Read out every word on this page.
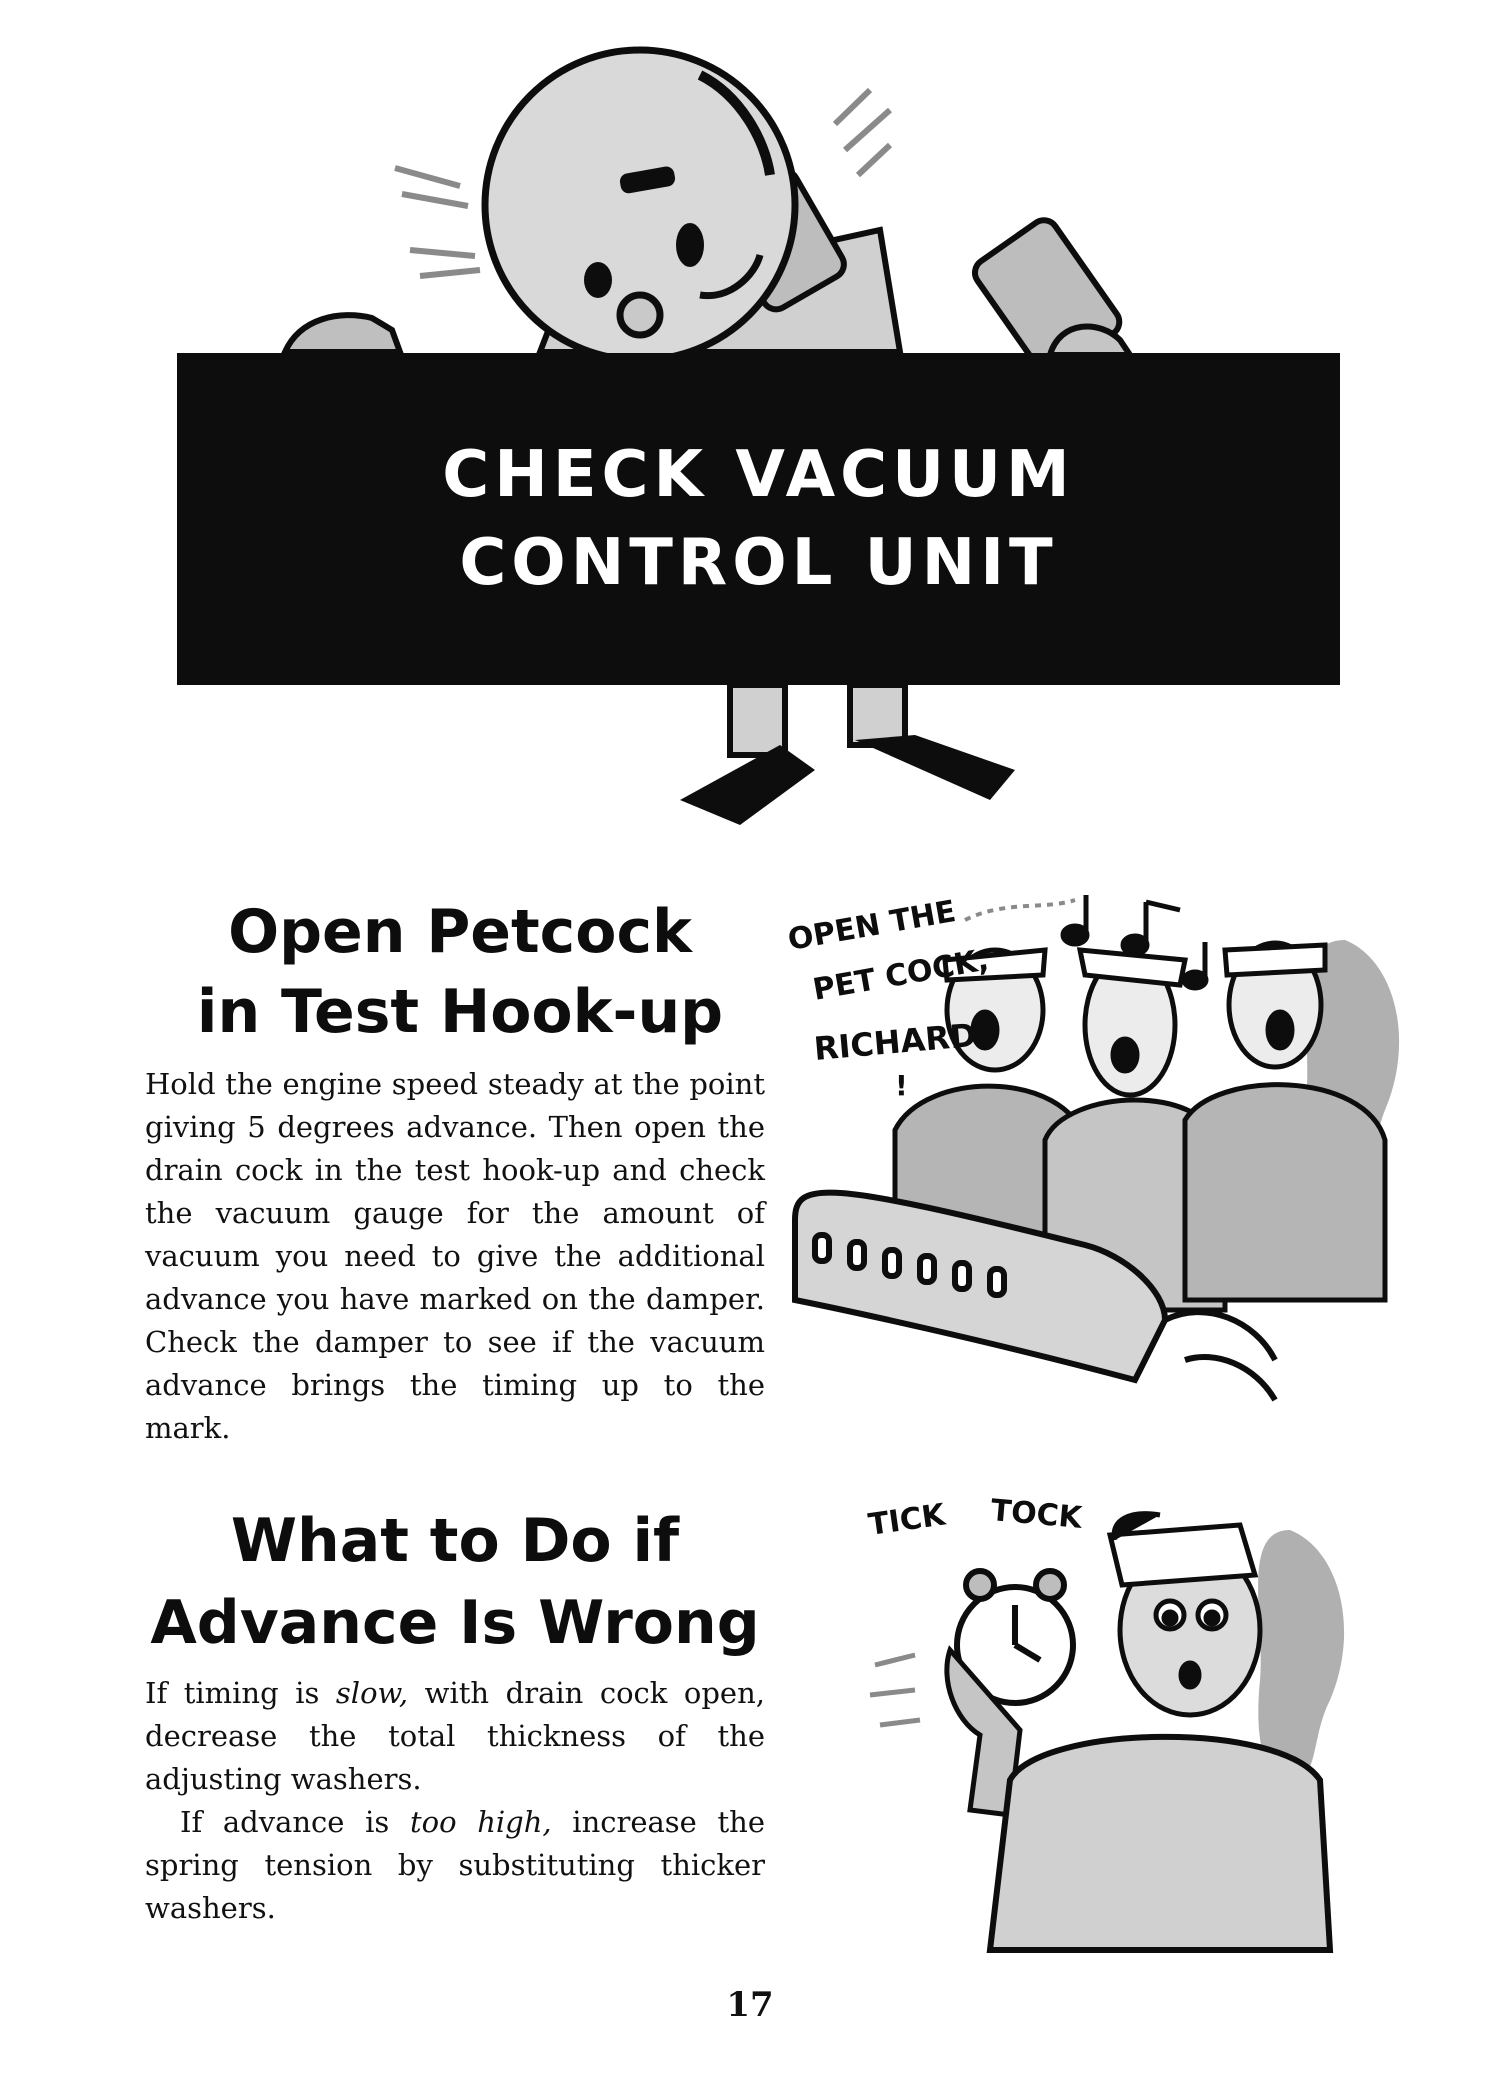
CHECK VACUUM
CONTROL UNIT
Open Petcock
in Test Hook-up

Hold the engine speed steady at the point giving 5 degrees advance. Then open the drain cock in the test hook-up and check the vacuum gauge for the amount of vacuum you need to give the additional advance you have marked on the damper. Check the damper to see if the vacuum advance brings the timing up to the mark.

OPEN THE
PET COCK,
RICHARD
!
What to Do if
Advance Is Wrong

If timing is slow, with drain cock open, decrease the total thickness of the adjusting washers.

If advance is too high, increase the spring tension by substituting thicker washers.

TICK TOCK
17
